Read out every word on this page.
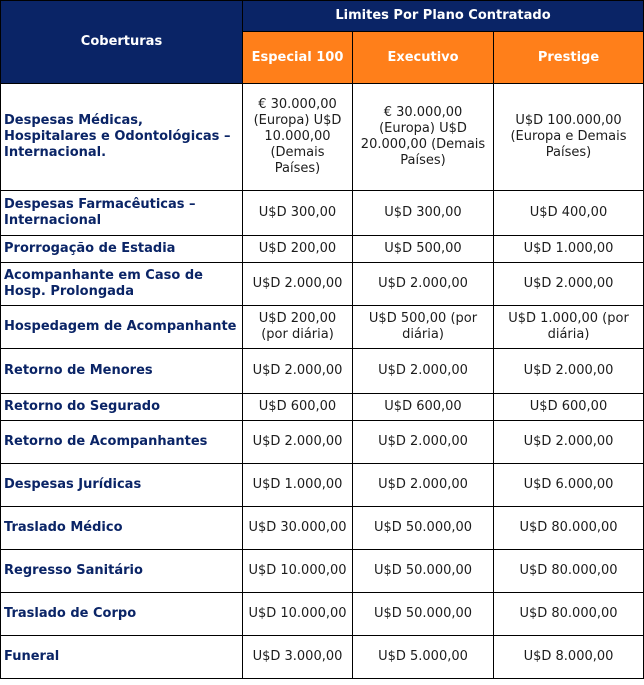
Coberturas	Limites Por Plano Contratado		
	Especial 100	Executivo	Prestige
Despesas Médicas, Hospitalares e Odontológicas – Internacional.	€ 30.000,00 (Europa) U$D 10.000,00 (Demais Países)	€ 30.000,00 (Europa) U$D 20.000,00 (Demais Países)	U$D 100.000,00 (Europa e Demais Países)
Despesas Farmacêuticas – Internacional	U$D 300,00	U$D 300,00	U$D 400,00
Prorrogação de Estadia	U$D 200,00	U$D 500,00	U$D 1.000,00
Acompanhante em Caso de Hosp. Prolongada	U$D 2.000,00	U$D 2.000,00	U$D 2.000,00
Hospedagem de Acompanhante	U$D 200,00 (por diária)	U$D 500,00 (por diária)	U$D 1.000,00 (por diária)
Retorno de Menores	U$D 2.000,00	U$D 2.000,00	U$D 2.000,00
Retorno do Segurado	U$D 600,00	U$D 600,00	U$D 600,00
Retorno de Acompanhantes	U$D 2.000,00	U$D 2.000,00	U$D 2.000,00
Despesas Jurídicas	U$D 1.000,00	U$D 2.000,00	U$D 6.000,00
Traslado Médico	U$D 30.000,00	U$D 50.000,00	U$D 80.000,00
Regresso Sanitário	U$D 10.000,00	U$D 50.000,00	U$D 80.000,00
Traslado de Corpo	U$D 10.000,00	U$D 50.000,00	U$D 80.000,00
Funeral	U$D 3.000,00	U$D 5.000,00	U$D 8.000,00
